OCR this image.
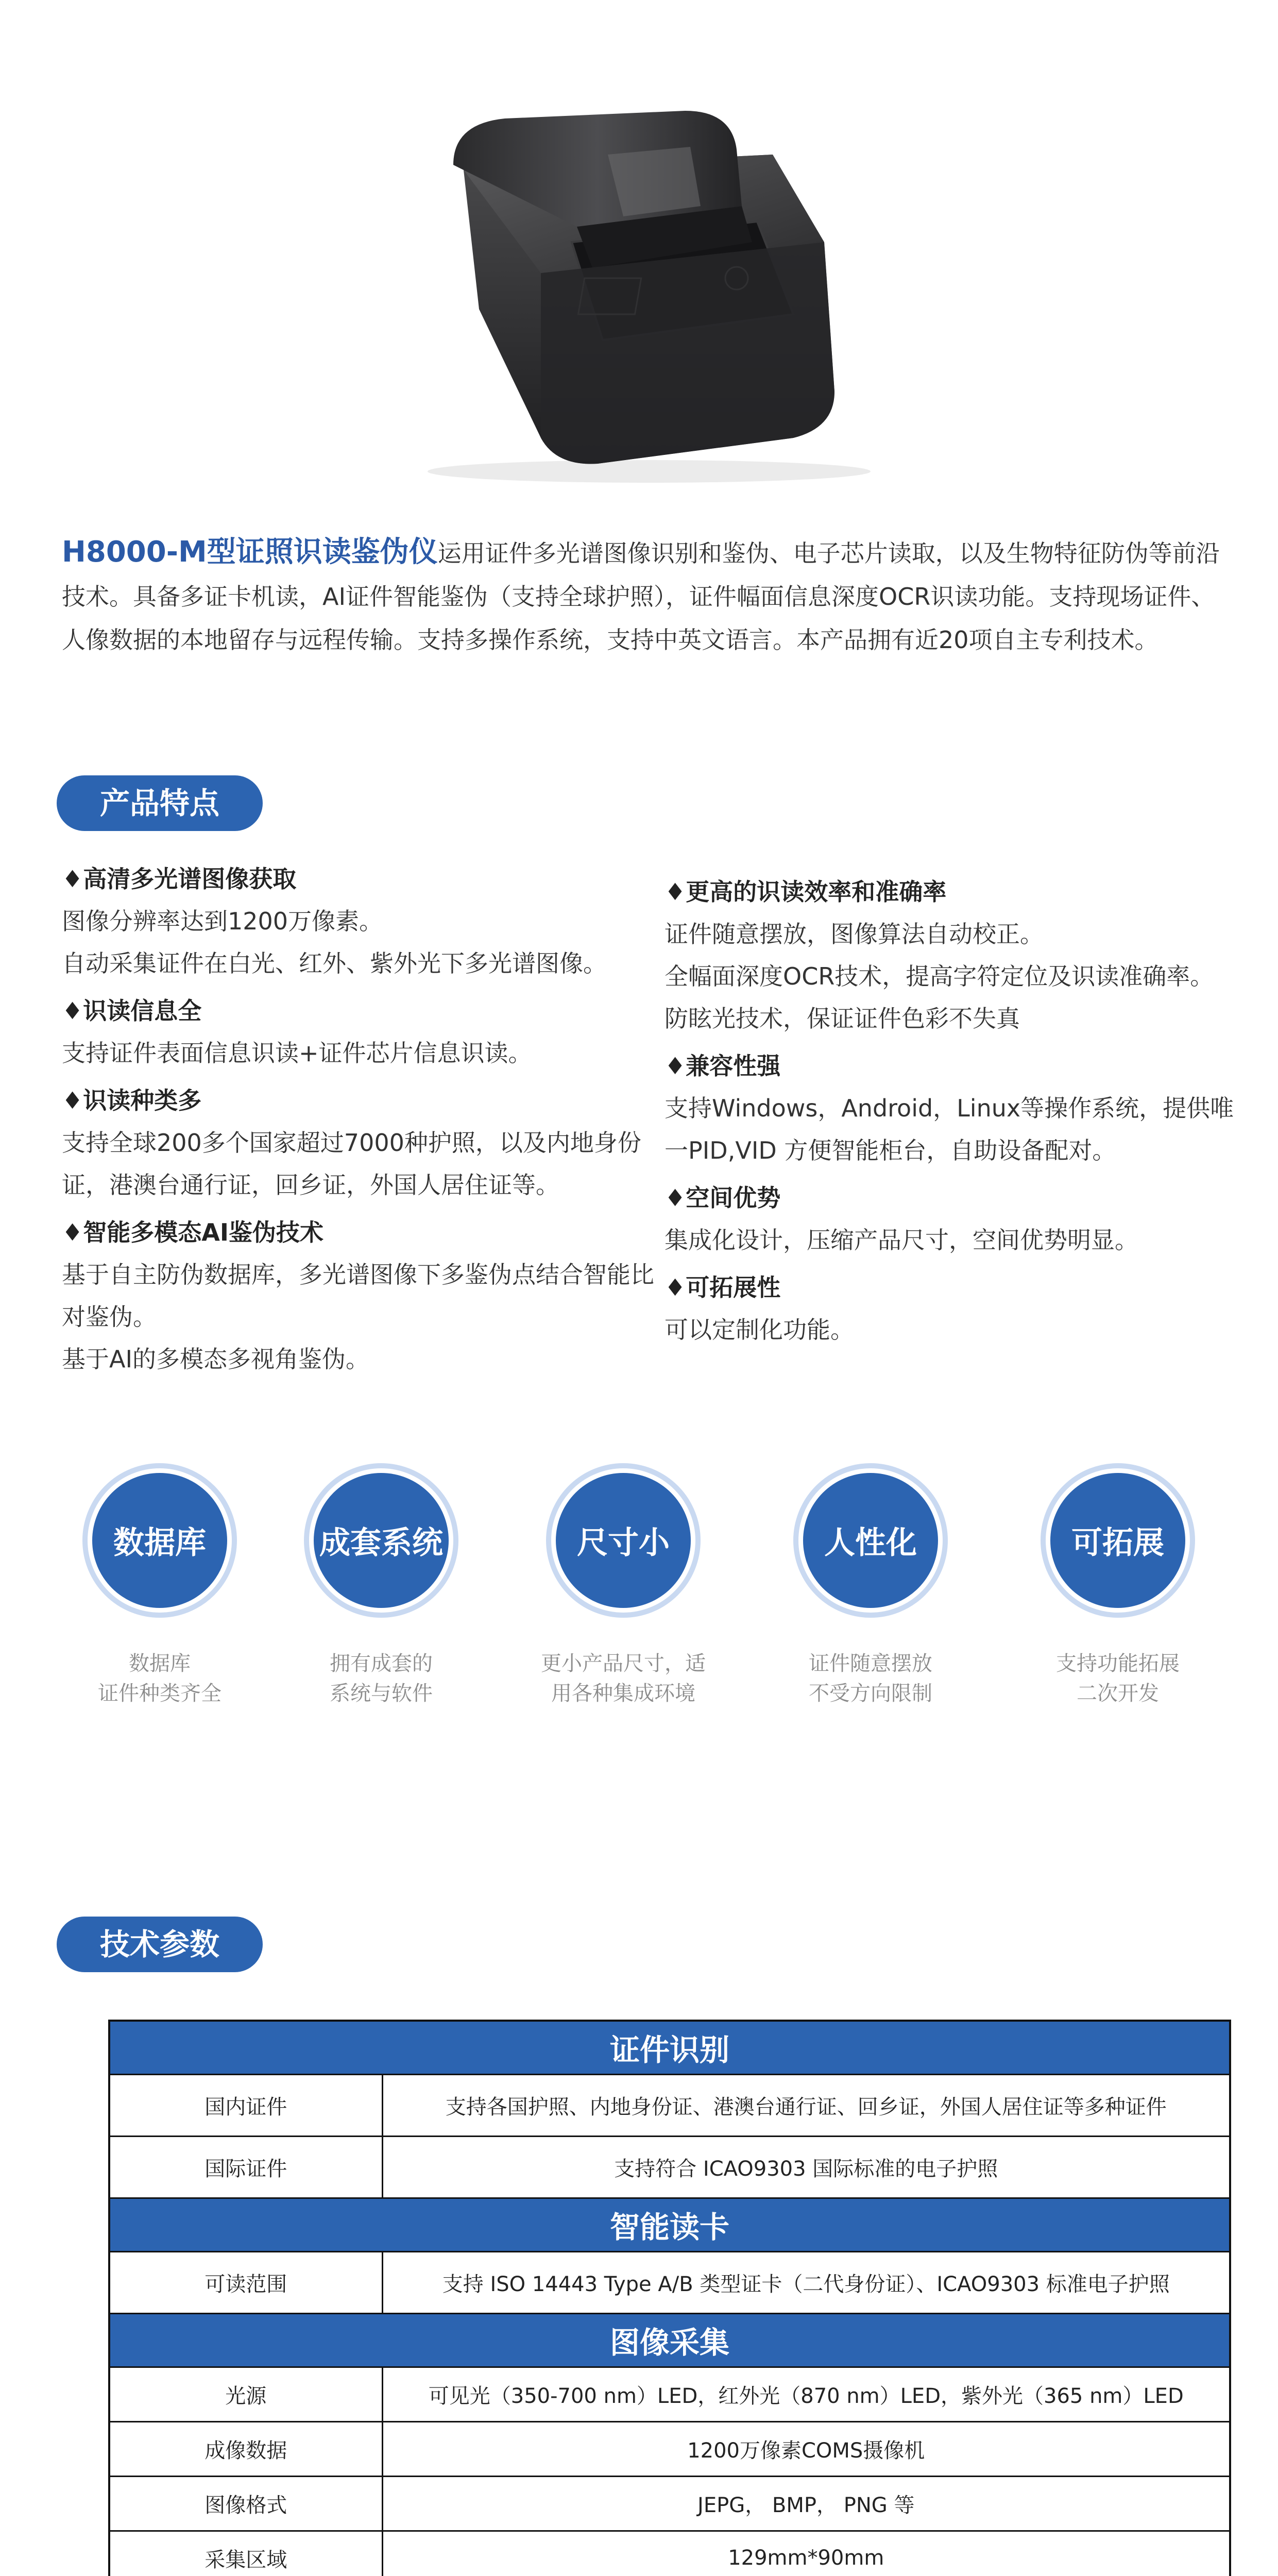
H8000-M型证照识读鉴伪仪运用证件多光谱图像识别和鉴伪、电子芯片读取，以及生物特征防伪等前沿技术。具备多证卡机读，AI证件智能鉴伪（支持全球护照），证件幅面信息深度OCR识读功能。支持现场证件、人像数据的本地留存与远程传输。支持多操作系统，支持中英文语言。本产品拥有近20项自主专利技术。
产品特点
♦高清多光谱图像获取
图像分辨率达到1200万像素。
自动采集证件在白光、红外、紫外光下多光谱图像。
♦识读信息全
支持证件表面信息识读+证件芯片信息识读。
♦识读种类多
支持全球200多个国家超过7000种护照，以及内地身份证，港澳台通行证，回乡证，外国人居住证等。
♦智能多模态AI鉴伪技术
基于自主防伪数据库，多光谱图像下多鉴伪点结合智能比对鉴伪。
基于AI的多模态多视角鉴伪。
♦更高的识读效率和准确率
证件随意摆放，图像算法自动校正。
全幅面深度OCR技术，提高字符定位及识读准确率。
防眩光技术，保证证件色彩不失真
♦兼容性强
支持Windows，Android，Linux等操作系统，提供唯一PID,VID 方便智能柜台，自助设备配对。
♦空间优势
集成化设计，压缩产品尺寸，空间优势明显。
♦可拓展性
可以定制化功能。
数据库
数据库
证件种类齐全
成套系统
拥有成套的
系统与软件
尺寸小
更小产品尺寸，适
用各种集成环境
人性化
证件随意摆放
不受方向限制
可拓展
支持功能拓展
二次开发
技术参数
证件识别	
国内证件	支持各国护照、内地身份证、港澳台通行证、回乡证，外国人居住证等多种证件
国际证件	支持符合 ICAO9303 国际标准的电子护照
智能读卡	
可读范围	支持 ISO 14443 Type A/B 类型证卡（二代身份证）、ICAO9303 标准电子护照
图像采集	
光源	可见光（350-700 nm）LED，红外光（870 nm）LED，紫外光（365 nm）LED
成像数据	1200万像素COMS摄像机
图像格式	JEPG， BMP， PNG 等
采集区域	129mm*90mm
